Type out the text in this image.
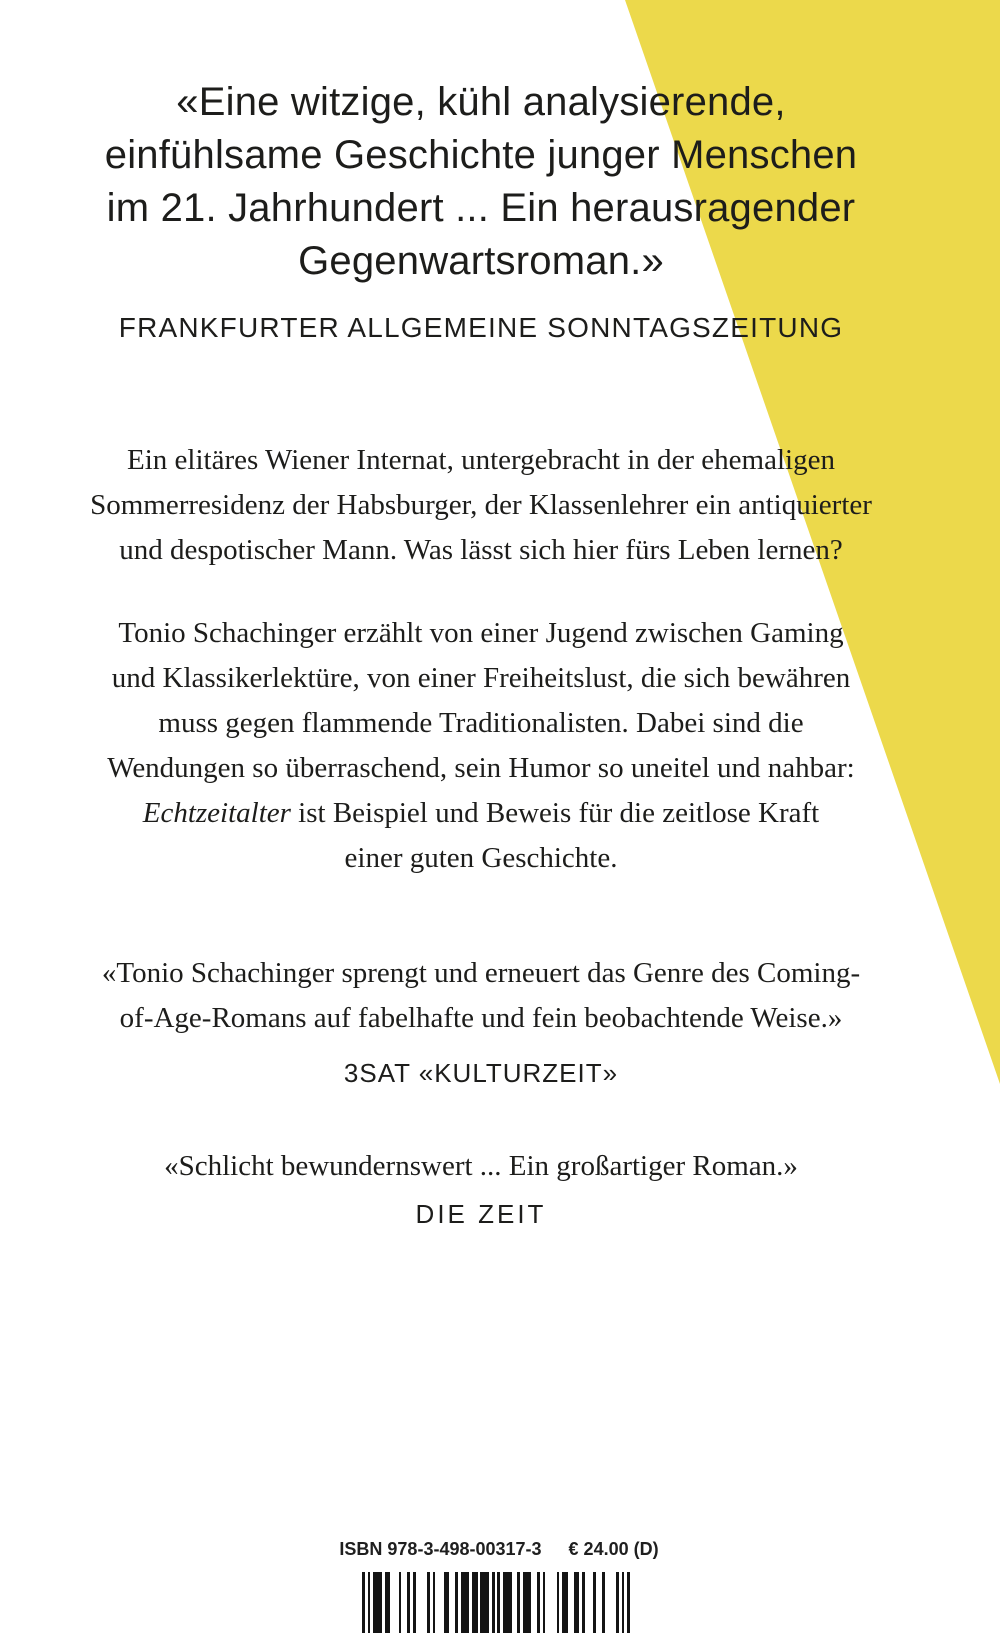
«Eine witzige, kühl analysierende,
einfühlsame Geschichte junger Menschen
im 21. Jahrhundert ... Ein herausragender
Gegenwartsroman.»
FRANKFURTER ALLGEMEINE SONNTAGSZEITUNG
Ein elitäres Wiener Internat, untergebracht in der ehemaligen
Sommerresidenz der Habsburger, der Klassenlehrer ein antiquierter
und despotischer Mann. Was lässt sich hier fürs Leben lernen?
Tonio Schachinger erzählt von einer Jugend zwischen Gaming
und Klassikerlektüre, von einer Freiheitslust, die sich bewähren
muss gegen flammende Traditionalisten. Dabei sind die
Wendungen so überraschend, sein Humor so uneitel und nahbar:
Echtzeitalter ist Beispiel und Beweis für die zeitlose Kraft
einer guten Geschichte.
«Tonio Schachinger sprengt und erneuert das Genre des Coming-
of-Age-Romans auf fabelhafte und fein beobachtende Weise.»
3SAT «KULTURZEIT»
«Schlicht bewundernswert ... Ein großartiger Roman.»
DIE ZEIT
ISBN 978-3-498-00317-3 € 24.00 (D)
